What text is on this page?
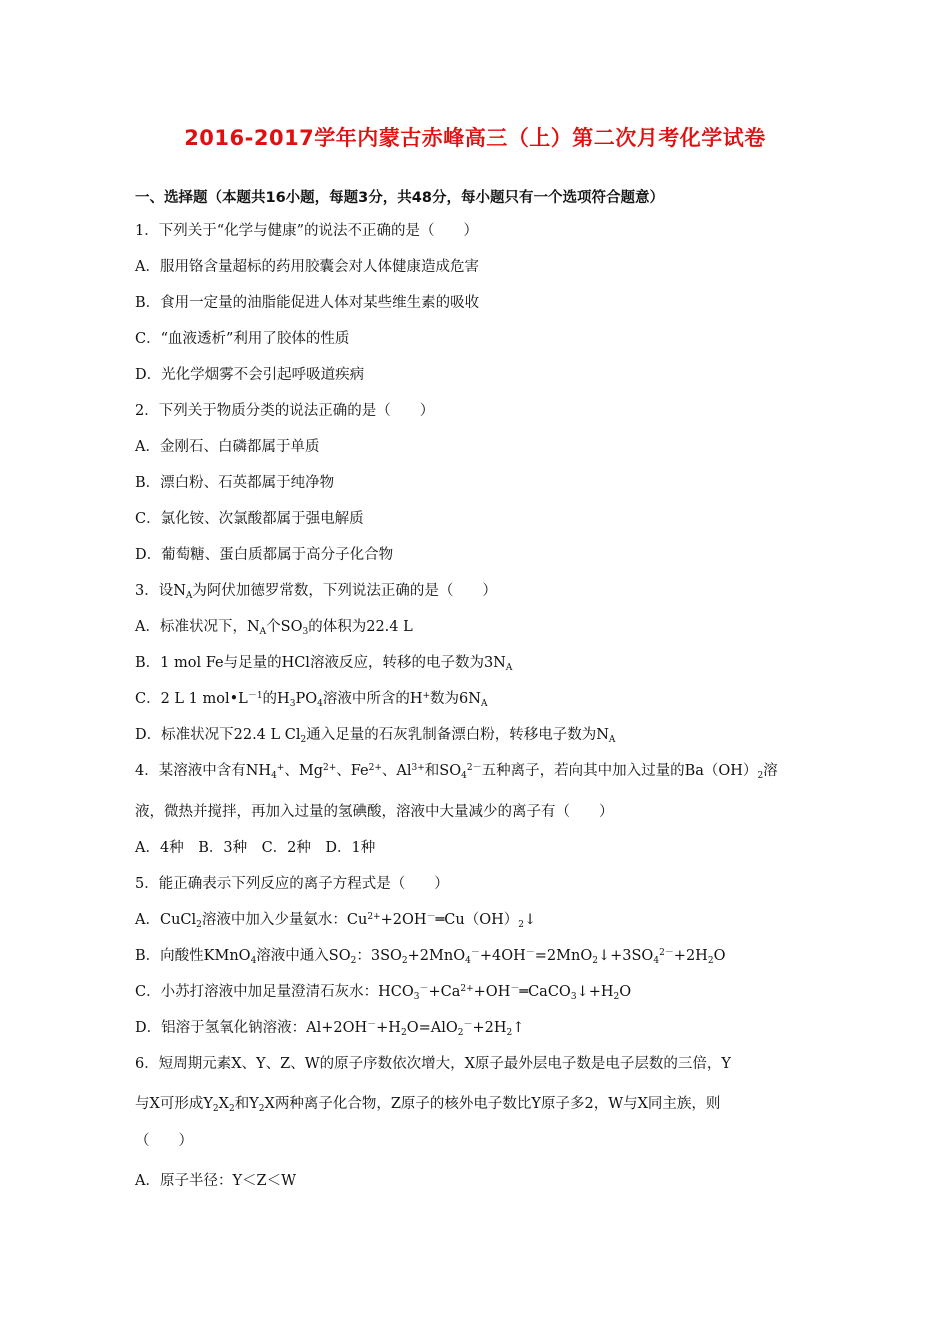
2016-2017学年内蒙古赤峰高三（上）第二次月考化学试卷
一、选择题（本题共16小题，每题3分，共48分，每小题只有一个选项符合题意）
1．下列关于“化学与健康”的说法不正确的是（　　）
A．服用铬含量超标的药用胶囊会对人体健康造成危害
B．食用一定量的油脂能促进人体对某些维生素的吸收
C．“血液透析”利用了胶体的性质
D．光化学烟雾不会引起呼吸道疾病
2．下列关于物质分类的说法正确的是（　　）
A．金刚石、白磷都属于单质
B．漂白粉、石英都属于纯净物
C．氯化铵、次氯酸都属于强电解质
D．葡萄糖、蛋白质都属于高分子化合物
3．设$N_A$为阿伏加德罗常数，下列说法正确的是（　　）
A．标准状况下，$N_A$个$SO_3$的体积为22.4 L
B．1 mol Fe与足量的HCl溶液反应，转移的电子数为$3N_A$
C．2 L 1 $mol•L^{-1}$的$H_3PO_4$溶液中所含的H+数为$6N_A$
D．标准状况下22.4 L $Cl_2$通入足量的石灰乳制备漂白粉，转移电子数为$N_A$
4．某溶液中含有$NH_4^+$、$Mg^{2+}$、$Fe^{2+}$、$Al^{3+}$和$SO_4^{2-}$五种离子，若向其中加入过量的$Ba(OH)_2$溶
液，微热并搅拌，再加入过量的氢碘酸，溶液中大量减少的离子有（　　）
A．4种　B．3种　C．2种　D．1种
5．能正确表示下列反应的离子方程式是（　　）
A．CuCl$_2$溶液中加入少量氨水：$Cu^{2+}+2OH^-═Cu(OH)_2↓$
B．向酸性KMnO$_4$溶液中通入$SO_2$：$3SO_2+2MnO_4^-+4OH^-=2MnO_2↓+3SO_4^{2-}+2H_2O$
C．小苏打溶液中加足量澄清石灰水：$HCO_3^-+Ca^{2+}+OH^-═CaCO_3↓+H_2O$
D．铝溶于氢氧化钠溶液：$Al+2OH^-+H_2O=AlO_2^-+2H_2↑$
6．短周期元素X、Y、Z、W的原子序数依次增大，X原子最外层电子数是电子层数的三倍，Y
与X可形成$Y_2X_2$和$Y_2X$两种离子化合物，Z原子的核外电子数比Y原子多2，W与X同主族，则
（　　）
A．原子半径：Y＜Z＜W
